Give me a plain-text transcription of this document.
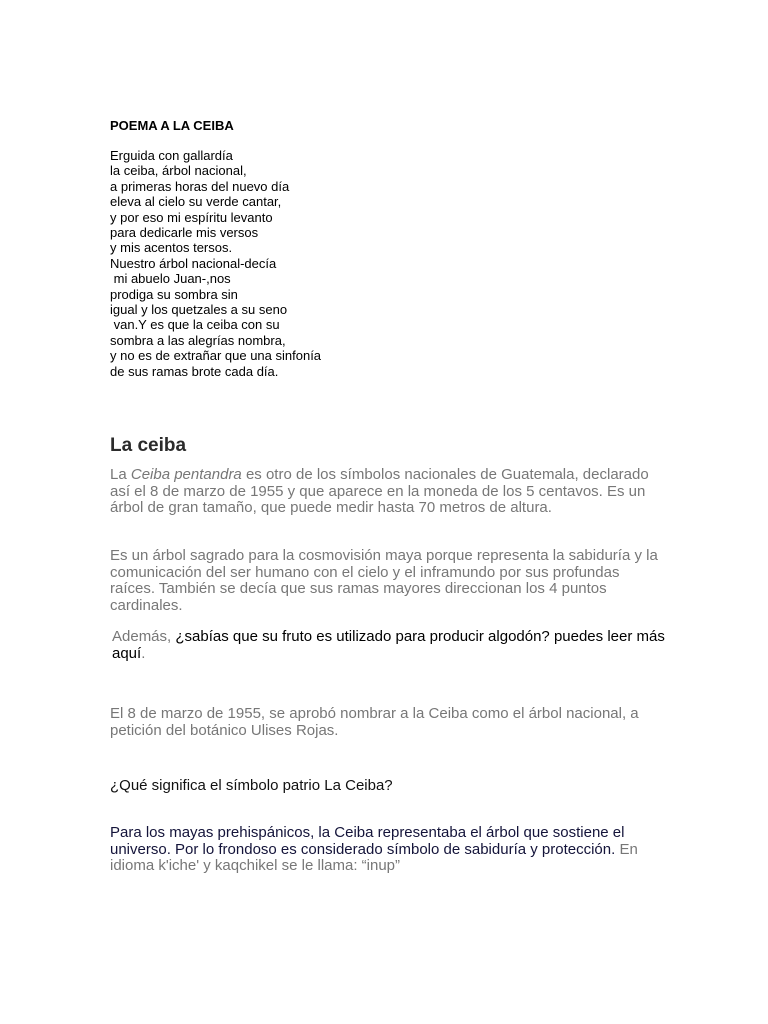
POEMA A LA CEIBA
Erguida con gallardía
la ceiba, árbol nacional,
a primeras horas del nuevo día
eleva al cielo su verde cantar,
y por eso mi espíritu levanto
para dedicarle mis versos
y mis acentos tersos.
Nuestro árbol nacional-decía
mi abuelo Juan-,nos
prodiga su sombra sin
igual y los quetzales a su seno
van.Y es que la ceiba con su
sombra a las alegrías nombra,
y no es de extrañar que una sinfonía
de sus ramas brote cada día.
La ceiba
La Ceiba pentandra es otro de los símbolos nacionales de Guatemala, declarado así el 8 de marzo de 1955 y que aparece en la moneda de los 5 centavos. Es un árbol de gran tamaño, que puede medir hasta 70 metros de altura.
Es un árbol sagrado para la cosmovisión maya porque representa la sabiduría y la comunicación del ser humano con el cielo y el inframundo por sus profundas raíces. También se decía que sus ramas mayores direccionan los 4 puntos cardinales.
Además, ¿sabías que su fruto es utilizado para producir algodón? puedes leer más aquí.
El 8 de marzo de 1955, se aprobó nombrar a la Ceiba como el árbol nacional, a petición del botánico Ulises Rojas.
¿Qué significa el símbolo patrio La Ceiba?
Para los mayas prehispánicos, la Ceiba representaba el árbol que sostiene el universo. Por lo frondoso es considerado símbolo de sabiduría y protección. En idioma k'iche' y kaqchikel se le llama: “inup”
